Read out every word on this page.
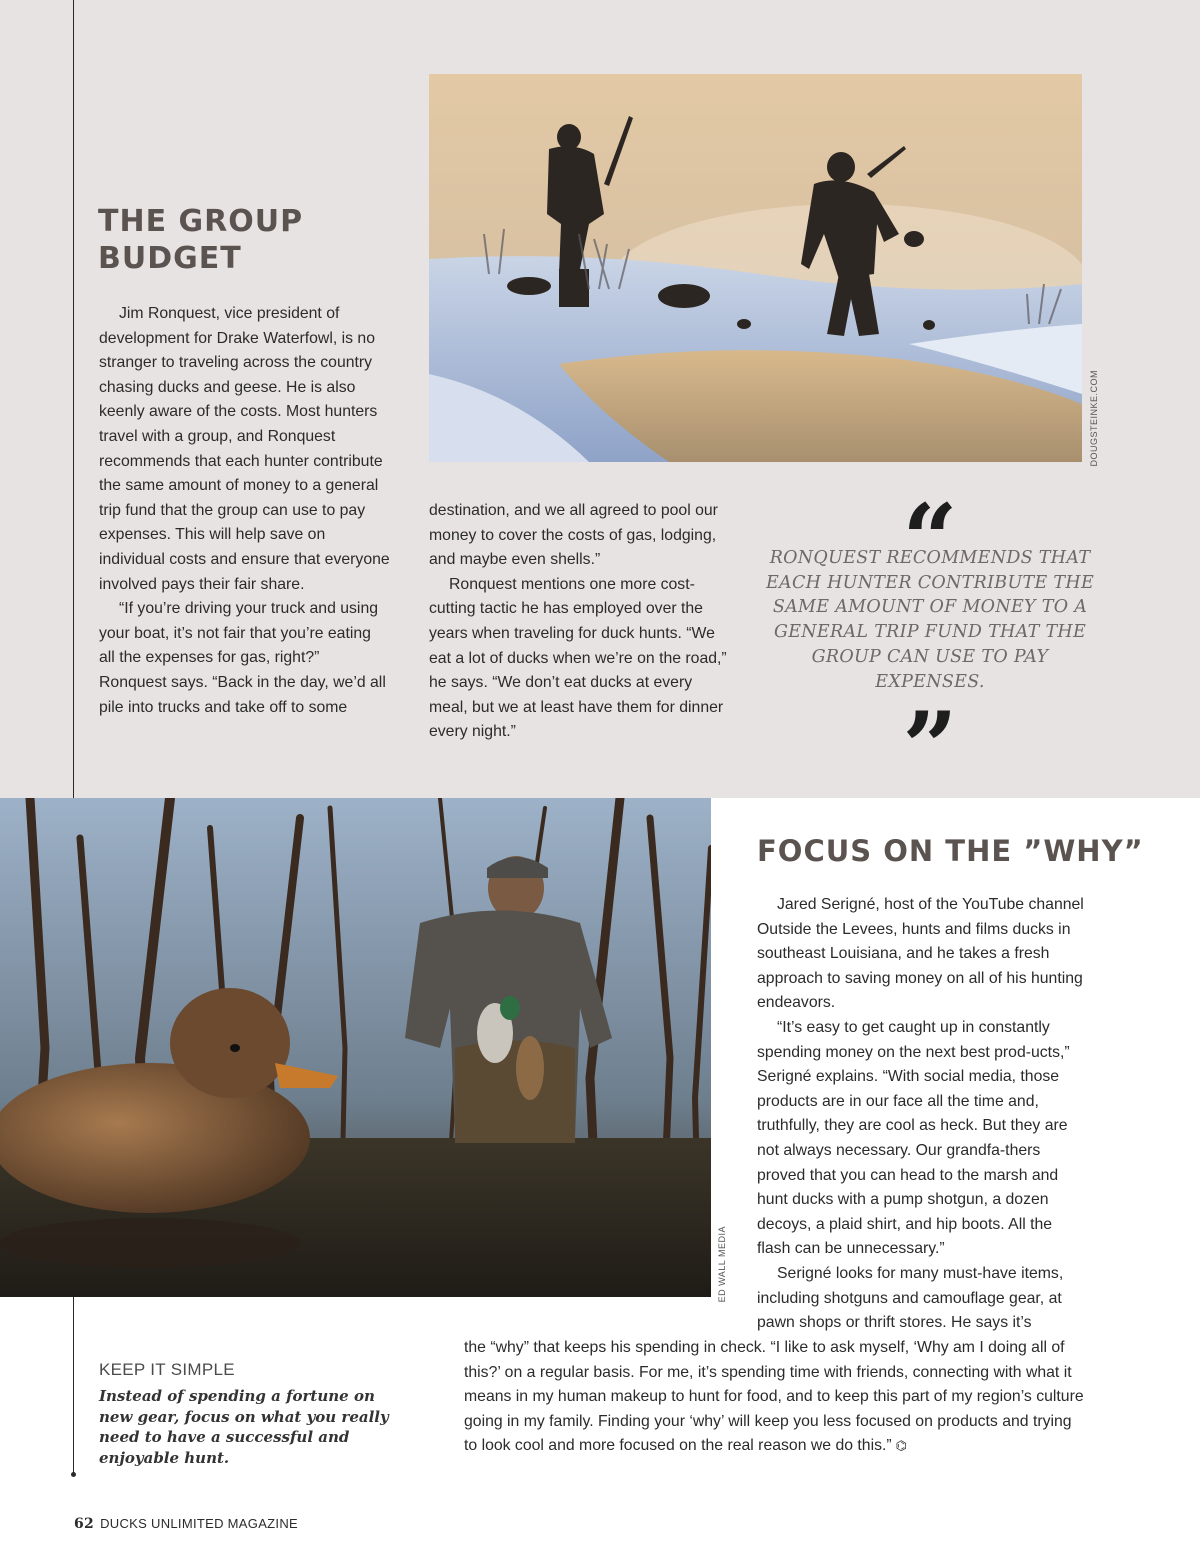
THE GROUP
BUDGET

Jim Ronquest, vice president of development for Drake Waterfowl, is no stranger to traveling across the country chasing ducks and geese. He is also keenly aware of the costs. Most hunters travel with a group, and Ronquest recommends that each hunter contribute the same amount of money to a general trip fund that the group can use to pay expenses. This will help save on individual costs and ensure that everyone involved pays their fair share.

“If you’re driving your truck and using your boat, it’s not fair that you’re eating all the expenses for gas, right?” Ronquest says. “Back in the day, we’d all pile into trucks and take off to some

destination, and we all agreed to pool our money to cover the costs of gas, lodging, and maybe even shells.”

Ronquest mentions one more cost-cutting tactic he has employed over the years when traveling for duck hunts. “We eat a lot of ducks when we’re on the road,” he says. “We don’t eat ducks at every meal, but we at least have them for dinner every night.”

DOUGSTEINKE.COM
“
RONQUEST RECOMMENDS THAT EACH HUNTER CONTRIBUTE THE SAME AMOUNT OF MONEY TO A GENERAL TRIP FUND THAT THE GROUP CAN USE TO PAY EXPENSES.
”
ED WALL MEDIA
FOCUS ON THE ”WHY”

Jared Serigné, host of the YouTube channel Outside the Levees, hunts and films ducks in southeast Louisiana, and he takes a fresh approach to saving money on all of his hunting endeavors.

“It’s easy to get caught up in constantly spending money on the next best prod-ucts,” Serigné explains. “With social media, those products are in our face all the time and, truthfully, they are cool as heck. But they are not always necessary. Our grandfa-thers proved that you can head to the marsh and hunt ducks with a pump shotgun, a dozen decoys, a plaid shirt, and hip boots. All the flash can be unnecessary.”

Serigné looks for many must-have items, including shotguns and camouflage gear, at pawn shops or thrift stores. He says it’s

the “why” that keeps his spending in check. “I like to ask myself, ‘Why am I doing all of this?’ on a regular basis. For me, it’s spending time with friends, connecting with what it means in my human makeup to hunt for food, and to keep this part of my region’s culture going in my family. Finding your ‘why’ will keep you less focused on products and trying to look cool and more focused on the real reason we do this.” ⌬

KEEP IT SIMPLE
Instead of spending a fortune on new gear, focus on what you really need to have a successful and enjoyable hunt.
62 DUCKS UNLIMITED MAGAZINE
